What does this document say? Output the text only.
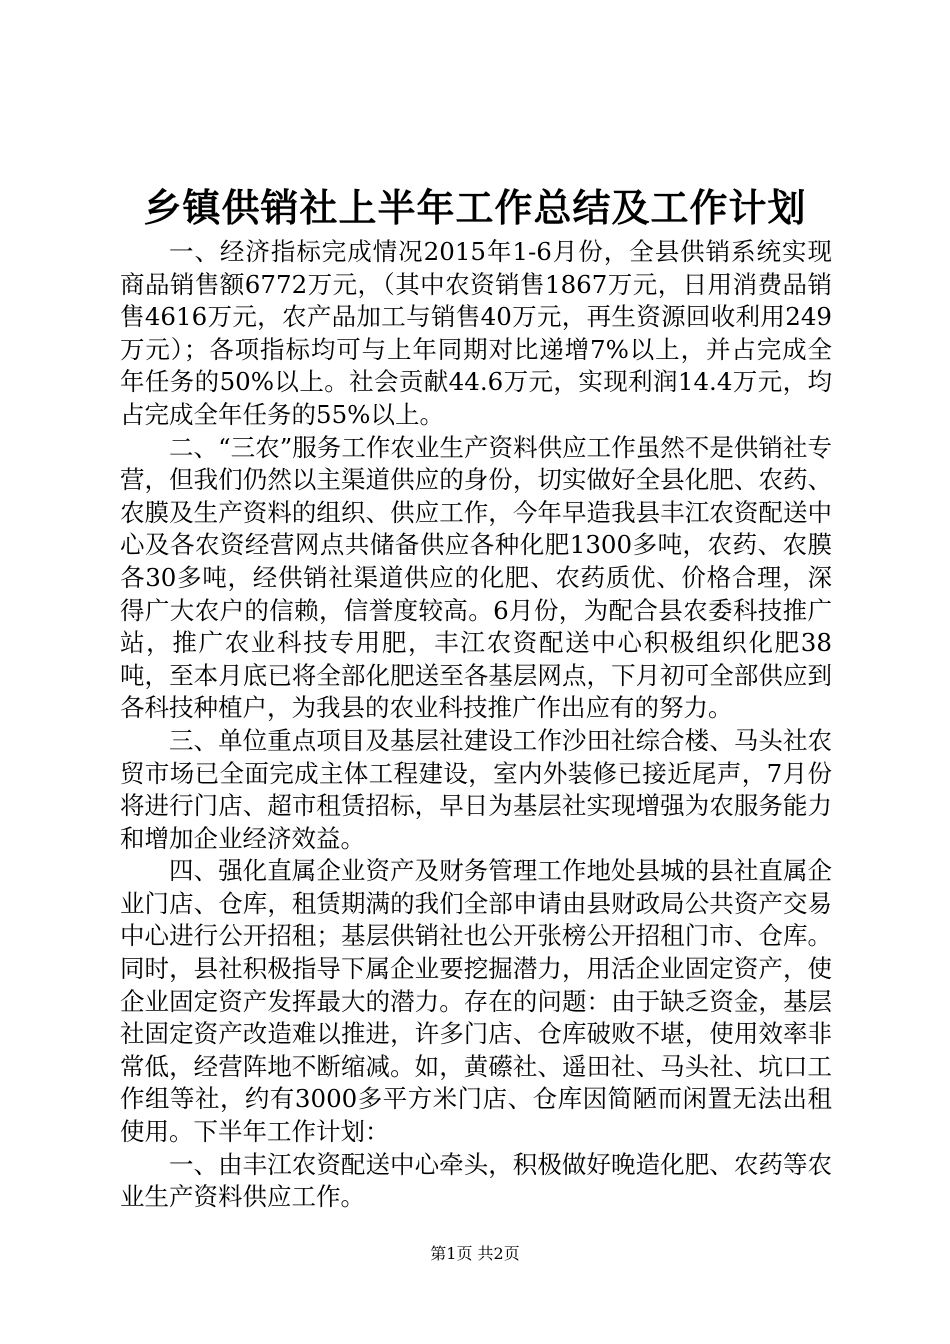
乡镇供销社上半年工作总结及工作计划

一、经济指标完成情况2015年1-6月份，全县供销系统实现商品销售额6772万元，（其中农资销售1867万元，日用消费品销售4616万元，农产品加工与销售40万元，再生资源回收利用249万元）；各项指标均可与上年同期对比递增7%以上，并占完成全年任务的50%以上。社会贡献44.6万元，实现利润14.4万元，均占完成全年任务的55%以上。

二、“三农”服务工作农业生产资料供应工作虽然不是供销社专营，但我们仍然以主渠道供应的身份，切实做好全县化肥、农药、农膜及生产资料的组织、供应工作，今年早造我县丰江农资配送中心及各农资经营网点共储备供应各种化肥1300多吨，农药、农膜各30多吨，经供销社渠道供应的化肥、农药质优、价格合理，深得广大农户的信赖，信誉度较高。6月份，为配合县农委科技推广站，推广农业科技专用肥，丰江农资配送中心积极组织化肥38吨，至本月底已将全部化肥送至各基层网点，下月初可全部供应到各科技种植户，为我县的农业科技推广作出应有的努力。

三、单位重点项目及基层社建设工作沙田社综合楼、马头社农贸市场已全面完成主体工程建设，室内外装修已接近尾声，7月份将进行门店、超市租赁招标，早日为基层社实现增强为农服务能力和增加企业经济效益。

四、强化直属企业资产及财务管理工作地处县城的县社直属企业门店、仓库，租赁期满的我们全部申请由县财政局公共资产交易中心进行公开招租；基层供销社也公开张榜公开招租门市、仓库。同时，县社积极指导下属企业要挖掘潜力，用活企业固定资产，使企业固定资产发挥最大的潜力。存在的问题：由于缺乏资金，基层社固定资产改造难以推进，许多门店、仓库破败不堪，使用效率非常低，经营阵地不断缩减。如，黄礤社、遥田社、马头社、坑口工作组等社，约有3000多平方米门店、仓库因简陋而闲置无法出租使用。下半年工作计划：

一、由丰江农资配送中心牵头，积极做好晚造化肥、农药等农业生产资料供应工作。

第1页 共2页
